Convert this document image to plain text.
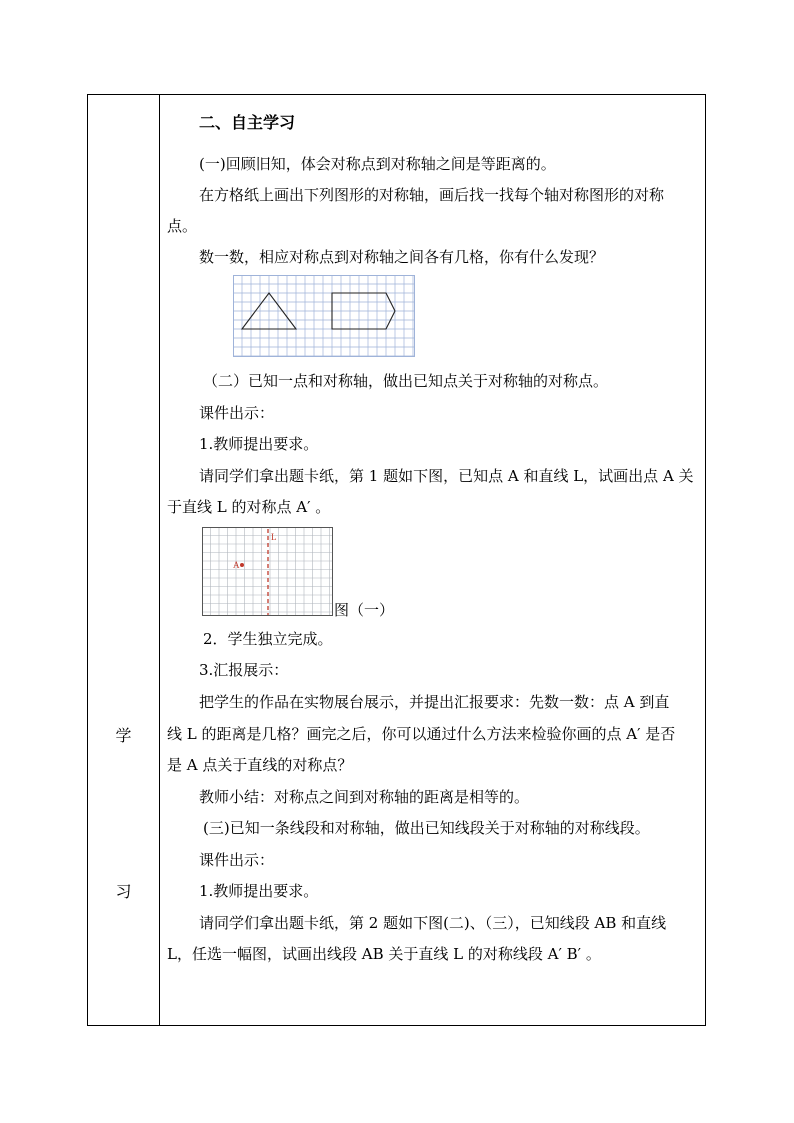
学
习
二、自主学习
(一)回顾旧知，体会对称点到对称轴之间是等距离的。
在方格纸上画出下列图形的对称轴，画后找一找每个轴对称图形的对称
点。
数一数，相应对称点到对称轴之间各有几格，你有什么发现？
（二）已知一点和对称轴，做出已知点关于对称轴的对称点。
课件出示：
1.教师提出要求。
请同学们拿出题卡纸，第 1 题如下图，已知点 A 和直线 L，试画出点 A 关
于直线 L 的对称点 A′ 。
A
L
图（一）
2．学生独立完成。
3.汇报展示：
把学生的作品在实物展台展示，并提出汇报要求：先数一数：点 A 到直
线 L 的距离是几格？画完之后，你可以通过什么方法来检验你画的点 A′ 是否
是 A 点关于直线的对称点？
教师小结：对称点之间到对称轴的距离是相等的。
(三)已知一条线段和对称轴，做出已知线段关于对称轴的对称线段。
课件出示：
1.教师提出要求。
请同学们拿出题卡纸，第 2 题如下图(二)、（三），已知线段 AB 和直线
L，任选一幅图，试画出线段 AB 关于直线 L 的对称线段 A′ B′ 。
